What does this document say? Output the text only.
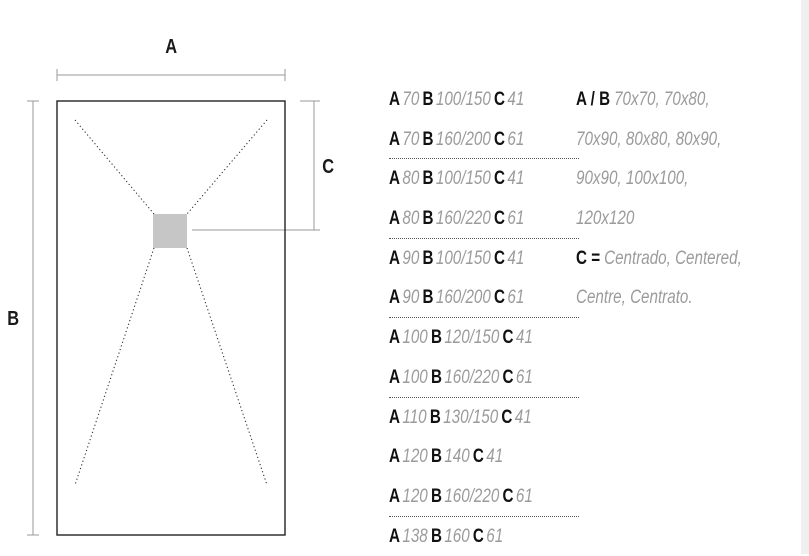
A
B
C
A 70 B 100/150 C 41
A 70 B 160/200 C 61
A 80 B 100/150 C 41
A 80 B 160/220 C 61
A 90 B 100/150 C 41
A 90 B 160/200 C 61
A 100 B 120/150 C 41
A 100 B 160/220 C 61
A 110 B 130/150 C 41
A 120 B 140 C 41
A 120 B 160/220 C 61
A 138 B 160 C 61
A / B 70x70, 70x80,
70x90, 80x80, 80x90,
90x90, 100x100,
120x120
C = Centrado, Centered,
Centre, Centrato.
